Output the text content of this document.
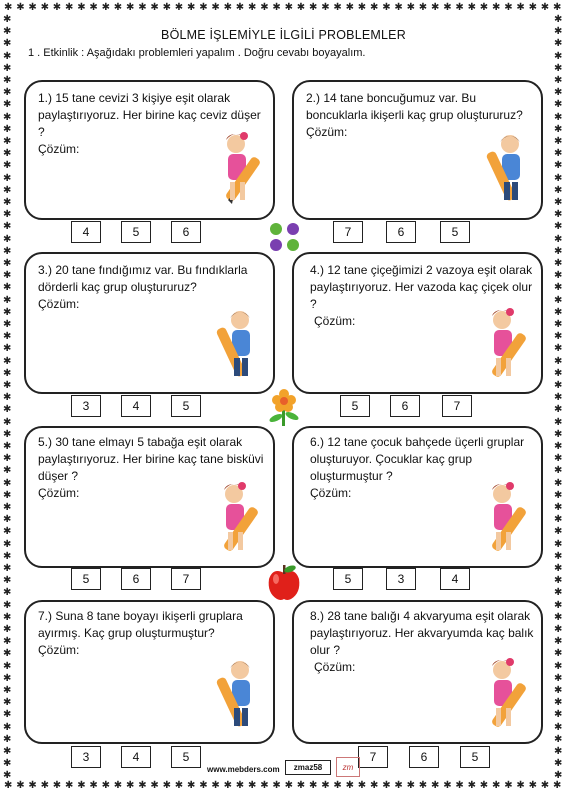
✱
✱
✱
✱
✱
✱
✱
✱
✱
✱
✱
✱
✱
✱
✱
✱
✱
✱
✱
✱
✱
✱
✱
✱
✱
✱
✱
✱
✱
✱
✱
✱
✱
✱
✱
✱
✱
✱
✱
✱
✱
✱
✱
✱
✱
✱
✱
✱
✱
✱
✱
✱
✱
✱
✱
✱
✱
✱
✱
✱
✱
✱
✱
✱
✱
✱
✱
✱
✱
✱
✱
✱
✱
✱
✱
✱
✱
✱
✱
✱
✱
✱
✱
✱
✱
✱
✱
✱
✱
✱
✱
✱
✱	✱
✱	✱
✱	✱
✱	✱
✱	✱
✱	✱
✱	✱
✱	✱
✱	✱
✱	✱
✱	✱
✱	✱
✱	✱
✱	✱
✱	✱
✱	✱
✱	✱
✱	✱
✱	✱
✱	✱
✱	✱
✱	✱
✱	✱
✱	✱
✱	✱
✱	✱
✱	✱
✱	✱
✱	✱
✱	✱
✱	✱
✱	✱
✱	✱
✱	✱
✱	✱
✱	✱
✱	✱
✱	✱
✱	✱
✱	✱
✱	✱
✱	✱
✱	✱
✱	✱
✱	✱
✱	✱
✱	✱
✱	✱
✱	✱
✱	✱
✱	✱
✱	✱
✱	✱
✱	✱
✱	✱
✱	✱
✱	✱
✱	✱
✱	✱
✱	✱
✱	✱
✱	✱
✱	✱
BÖLME İŞLEMİYLE İLGİLİ PROBLEMLER
1 . Etkinlik : Aşağıdakı problemleri yapalım . Doğru cevabı boyayalım.
1.) 15 tane cevizi 3 kişiye eşit olarak paylaştırıyoruz. Her birine kaç ceviz düşer ?
Çözüm:
2.) 14 tane boncuğumuz var. Bu boncuklarla ikişerli kaç grup oluştururuz?
Çözüm:
4	5	6	7	6	5
3.) 20 tane fındığımız var. Bu fındıklarla dörderli kaç grup oluştururuz?
Çözüm:
4.) 12 tane çiçeğimizi 2 vazoya eşit olarak paylaştırıyoruz. Her vazoda kaç çiçek olur ?
Çözüm:
3	4	5	5	6	7
5.) 30 tane elmayı 5 tabağa eşit olarak paylaştırıyoruz. Her birine kaç tane bisküvi düşer ?
Çözüm:
6.) 12 tane çocuk bahçede üçerli gruplar oluşturuyor. Çocuklar kaç grup oluşturmuştur ?
Çözüm:
5	6	7	5	3	4
7.) Suna 8 tane boyayı ikişerli gruplara ayırmış. Kaç grup oluşturmuştur?
Çözüm:
8.) 28 tane balığı 4 akvaryuma eşit olarak paylaştırıyoruz. Her akvaryumda kaç balık olur ?
Çözüm:
3	4	5	7	6	5
www.mebders.com	zmaz58	zm
